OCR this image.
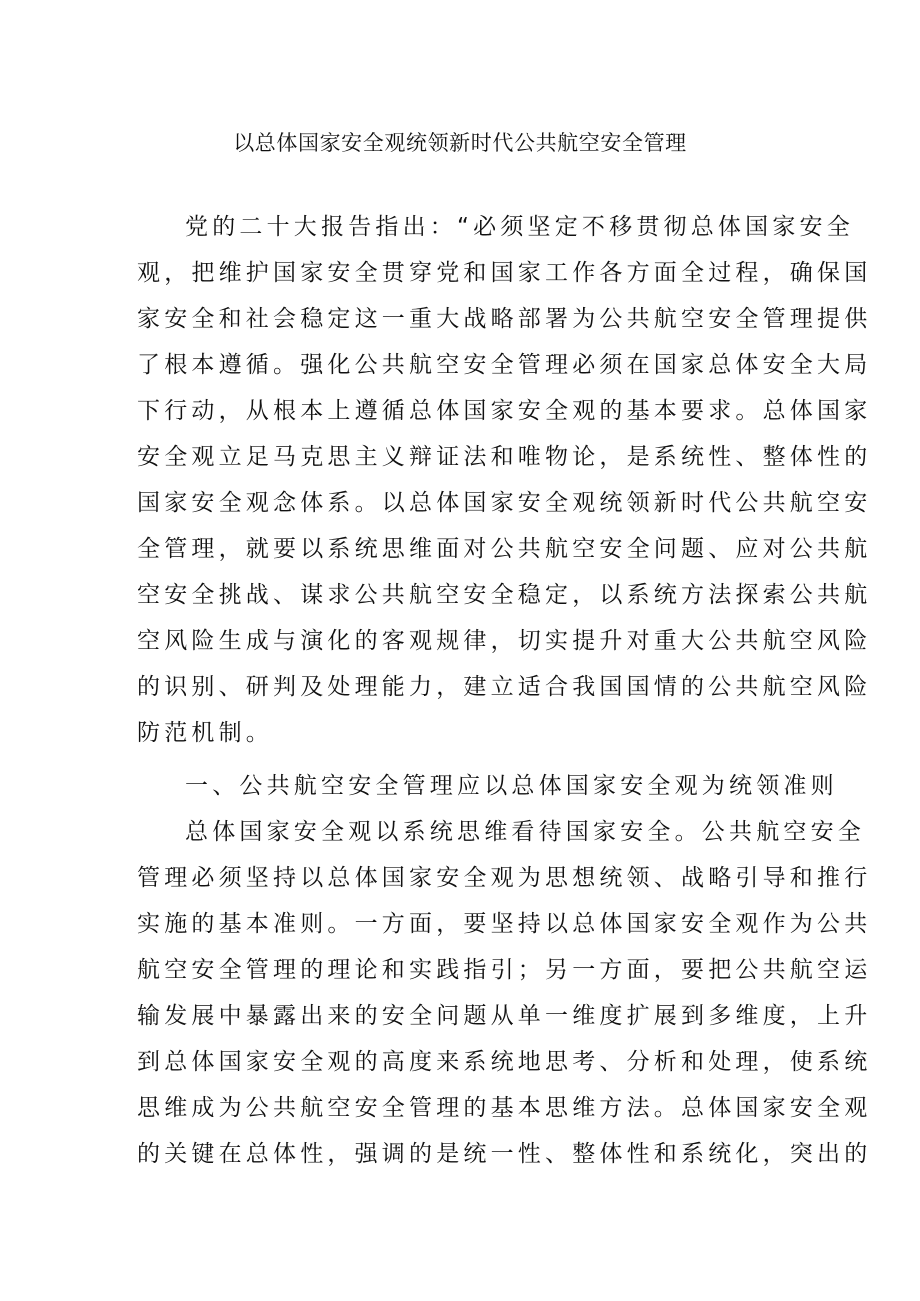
以总体国家安全观统领新时代公共航空安全管理
党的二十大报告指出：“必须坚定不移贯彻总体国家安全
观，把维护国家安全贯穿党和国家工作各方面全过程，确保国
家安全和社会稳定这一重大战略部署为公共航空安全管理提供
了根本遵循。强化公共航空安全管理必须在国家总体安全大局
下行动，从根本上遵循总体国家安全观的基本要求。总体国家
安全观立足马克思主义辩证法和唯物论，是系统性、整体性的
国家安全观念体系。以总体国家安全观统领新时代公共航空安
全管理，就要以系统思维面对公共航空安全问题、应对公共航
空安全挑战、谋求公共航空安全稳定，以系统方法探索公共航
空风险生成与演化的客观规律，切实提升对重大公共航空风险
的识别、研判及处理能力，建立适合我国国情的公共航空风险
防范机制。
一、公共航空安全管理应以总体国家安全观为统领准则
总体国家安全观以系统思维看待国家安全。公共航空安全
管理必须坚持以总体国家安全观为思想统领、战略引导和推行
实施的基本准则。一方面，要坚持以总体国家安全观作为公共
航空安全管理的理论和实践指引；另一方面，要把公共航空运
输发展中暴露出来的安全问题从单一维度扩展到多维度，上升
到总体国家安全观的高度来系统地思考、分析和处理，使系统
思维成为公共航空安全管理的基本思维方法。总体国家安全观
的关键在总体性，强调的是统一性、整体性和系统化，突出的
